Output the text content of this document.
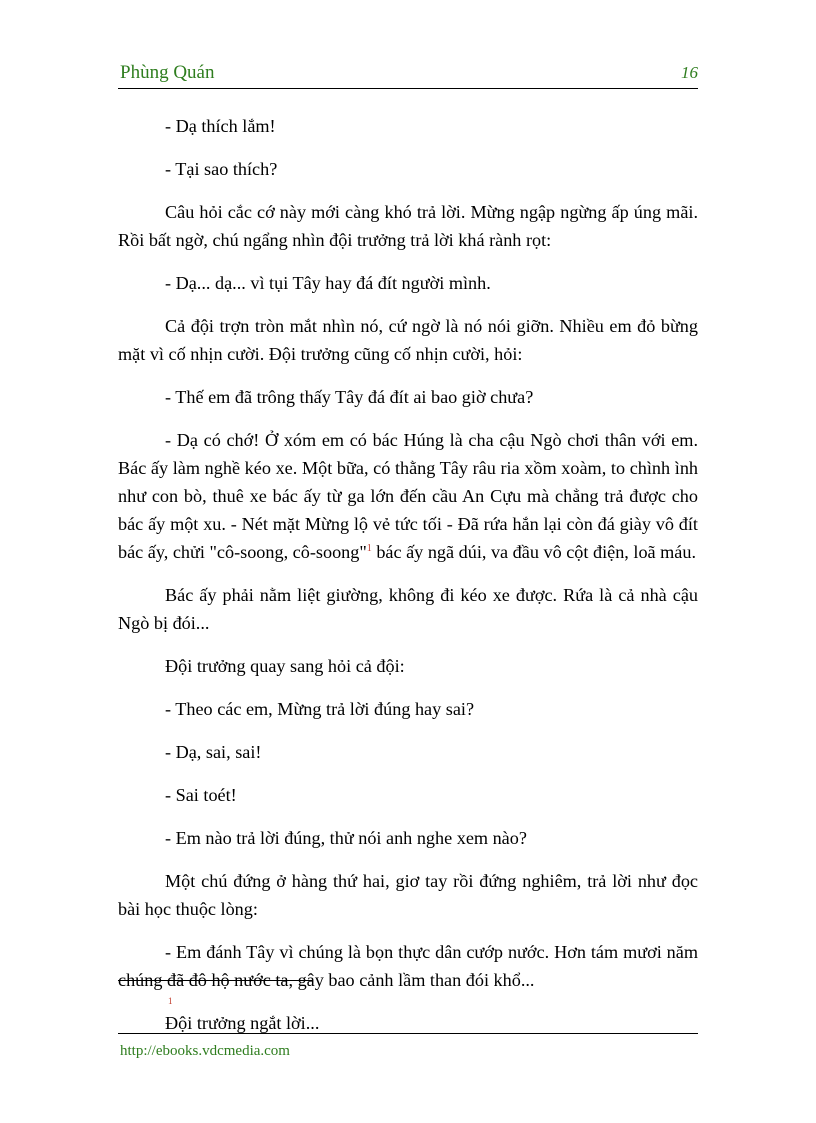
Phùng Quán	16

- Dạ thích lắm!

- Tại sao thích?

Câu hỏi cắc cớ này mới càng khó trả lời. Mừng ngập ngừng ấp úng mãi. Rồi bất ngờ, chú ngẩng nhìn đội trưởng trả lời khá rành rọt:

- Dạ... dạ... vì tụi Tây hay đá đít người mình.

Cả đội trợn tròn mắt nhìn nó, cứ ngờ là nó nói giỡn. Nhiều em đỏ bừng mặt vì cố nhịn cười. Đội trưởng cũng cố nhịn cười, hỏi:

- Thế em đã trông thấy Tây đá đít ai bao giờ chưa?

- Dạ có chớ! Ở xóm em có bác Húng là cha cậu Ngò chơi thân với em. Bác ấy làm nghề kéo xe. Một bữa, có thằng Tây râu ria xồm xoàm, to chình ình như con bò, thuê xe bác ấy từ ga lớn đến cầu An Cựu mà chẳng trả được cho bác ấy một xu. - Nét mặt Mừng lộ vẻ tức tối - Đã rứa hắn lại còn đá giày vô đít bác ấy, chửi "cô-soong, cô-soong"$^1$ bác ấy ngã dúi, va đầu vô cột điện, loã máu.

Bác ấy phải nằm liệt giường, không đi kéo xe được. Rứa là cả nhà cậu Ngò bị đói...

Đội trưởng quay sang hỏi cả đội:

- Theo các em, Mừng trả lời đúng hay sai?

- Dạ, sai, sai!

- Sai toét!

- Em nào trả lời đúng, thử nói anh nghe xem nào?

Một chú đứng ở hàng thứ hai, giơ tay rồi đứng nghiêm, trả lời như đọc bài học thuộc lòng:

- Em đánh Tây vì chúng là bọn thực dân cướp nước. Hơn tám mươi năm chúng đã đô hộ nước ta, gây bao cảnh lầm than đói khổ...

Đội trưởng ngắt lời...

1
http://ebooks.vdcmedia.com
